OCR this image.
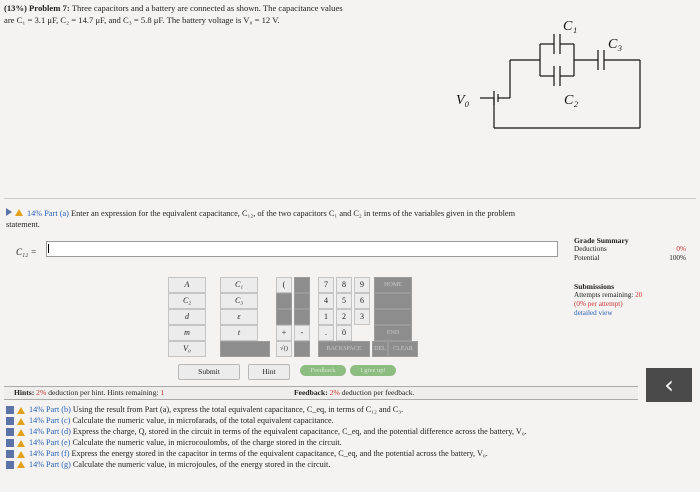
(13%) Problem 7: Three capacitors and a battery are connected as shown. The capacitance values
are C₁ = 3.1 μF, C₂ = 14.7 μF, and C₃ = 5.8 μF. The battery voltage is V₀ = 12 V.	C₁
C₂
C₃
V₀
14% Part (a) Enter an expression for the equivalent capacitance, C₁₂, of the two capacitors C₁ and C₂ in terms of the variables given in the problem
statement.
C₁₂ =
Grade Summary
Deductions	0%
Potential	100%
Submissions
Attempts remaining: 20
(0% per attempt)
detailed view
A	C₁
C₂	C₃
d	ε
m	t
V₀
(
+	-
√()
7	8	9
4	5	6
1	2	3
0
.
HOME
END
BACKSPACE	DEL	CLEAR
Submit	Hint	Feedback	I give up!
Hints: 2% deduction per hint. Hints remaining: 1	Feedback: 2% deduction per feedback.	‹
14% Part (b)
Using the result from Part (a), express the total equivalent capacitance, C_eq, in terms of C₁₂ and C₃.
14% Part (c)
Calculate the numeric value, in microfarads, of the total equivalent capacitance.
14% Part (d)
Express the charge, Q, stored in the circuit in terms of the equivalent capacitance, C_eq, and the potential difference across the battery, V₀.
14% Part (e)
Calculate the numeric value, in microcoulombs, of the charge stored in the circuit.
14% Part (f)
Express the energy stored in the capacitor in terms of the equivalent capacitance, C_eq, and the potential across the battery, V₀.
14% Part (g)
Calculate the numeric value, in microjoules, of the energy stored in the circuit.
